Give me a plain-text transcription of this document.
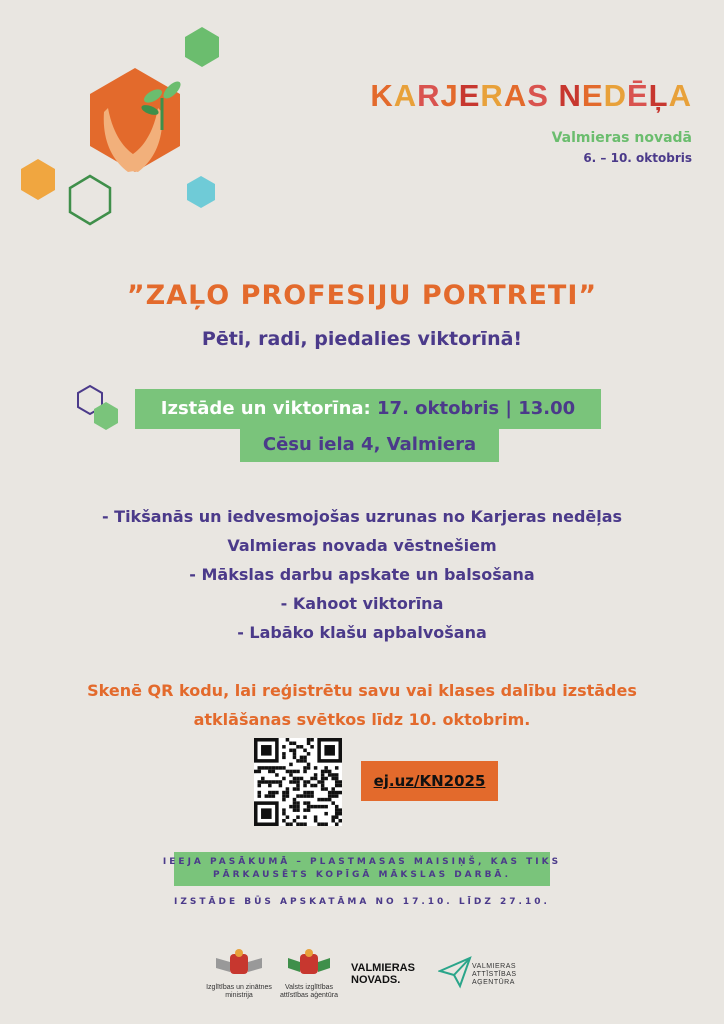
KARJERAS NEDĒĻA
Valmieras novadā
6. – 10. oktobris
”ZAĻO PROFESIJU PORTRETI”
Pēti, radi, piedalies viktorīnā!
Izstāde un viktorīna: 17. oktobris | 13.00
Cēsu iela 4, Valmiera
- Tikšanās un iedvesmojošas uzrunas no Karjeras nedēļas
Valmieras novada vēstnešiem
- Mākslas darbu apskate un balsošana
- Kahoot viktorīna
- Labāko klašu apbalvošana
Skenē QR kodu, lai reģistrētu savu vai klases dalību izstādes
atklāšanas svētkos līdz 10. oktobrim.
ej.uz/KN2025
IEEJA PASĀKUMĀ – PLASTMASAS MAISIŅŠ, KAS TIKS
PĀRKAUSĒTS KOPĪGĀ MĀKSLAS DARBĀ.
IZSTĀDE BŪS APSKATĀMA NO 17.10. LĪDZ 27.10.
Izglītības un zinātnes ministrija
Valsts izglītības attīstības aģentūra
VALMIERAS NOVADS.
VALMIERAS ATTĪSTĪBAS AĢENTŪRA
